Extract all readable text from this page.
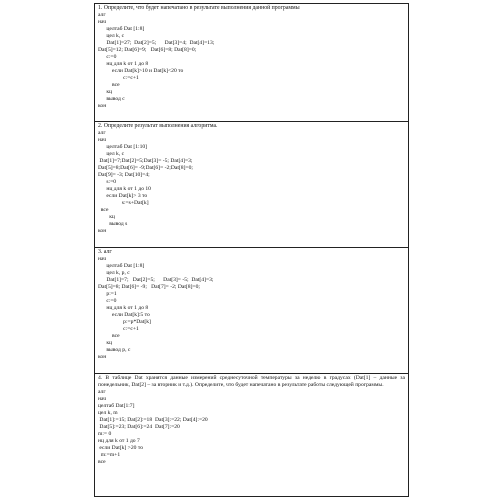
1. Определите, что будет напечатано в результате выполнения данной программы
алг
нач
целтаб Dat [1:8]
цел k, c
Dat[1]=27;  Dat[2]=5;      Dat[3]=4;  Dat[4]=13;
Dat[5]=12; Dat[6]=9;   Dat[6]=8; Dat[8]=0;
c:=0
нц для k от 1 до 8
если Dat[k]>10 и Dat[k]<20 то
c:=c+1
все
кц
вывод с
кон
2. Определите результат выполнения алгоритма.
алг
нач
целтаб Dat [1:10]
цел k, c
Dat[1]=7;Dat[2]=5;Dat[3]= -5; Dat[4]=3;
Dat[5]=8;Dat[6]= -9;Dat[6]= -2;Dat[8]=0;
Dat[9]= -3; Dat[10]=4;
s:=0
нц для k от 1 до 10
если Dat[k]> 3 то
s:=s+Dat[k]
все
кц
вывод s
кон
3. алг
нач
целтаб Dat [1:8]
цел k, p, c
Dat[1]=7;   Dat[2]=5;      Dat[3]= -5;  Dat[4]=3;
Dat[5]=8; Dat[6]= -9;   Dat[7]= -2; Dat[8]=0;
p:=1
c:=0
нц для k от 1 до 8
если Dat[k]:5 то
p:=p*Dat[k]
c:=c+1
все
кц
вывод p, c
кон
4. В таблице Dat хранятся данные измерений среднесуточной температуры за неделю в градусах (Dat[1] – данные за понедельник, Dat[2] – за вторник и т.д.). Определите, что будет напечатано в результате работы следующей программы.
алг
нач
целтаб Dat[1:7]
цел k, m
Dat[1]:=15; Dat[2]:=18  Dat[3]:=22; Dat[4]:=20
Dat[5]:=23; Dat[6]:=24  Dat[7]:=20
m:= 0
нц для k от 1 до 7
если Dat[k] >20 то
m:=m+1
все
